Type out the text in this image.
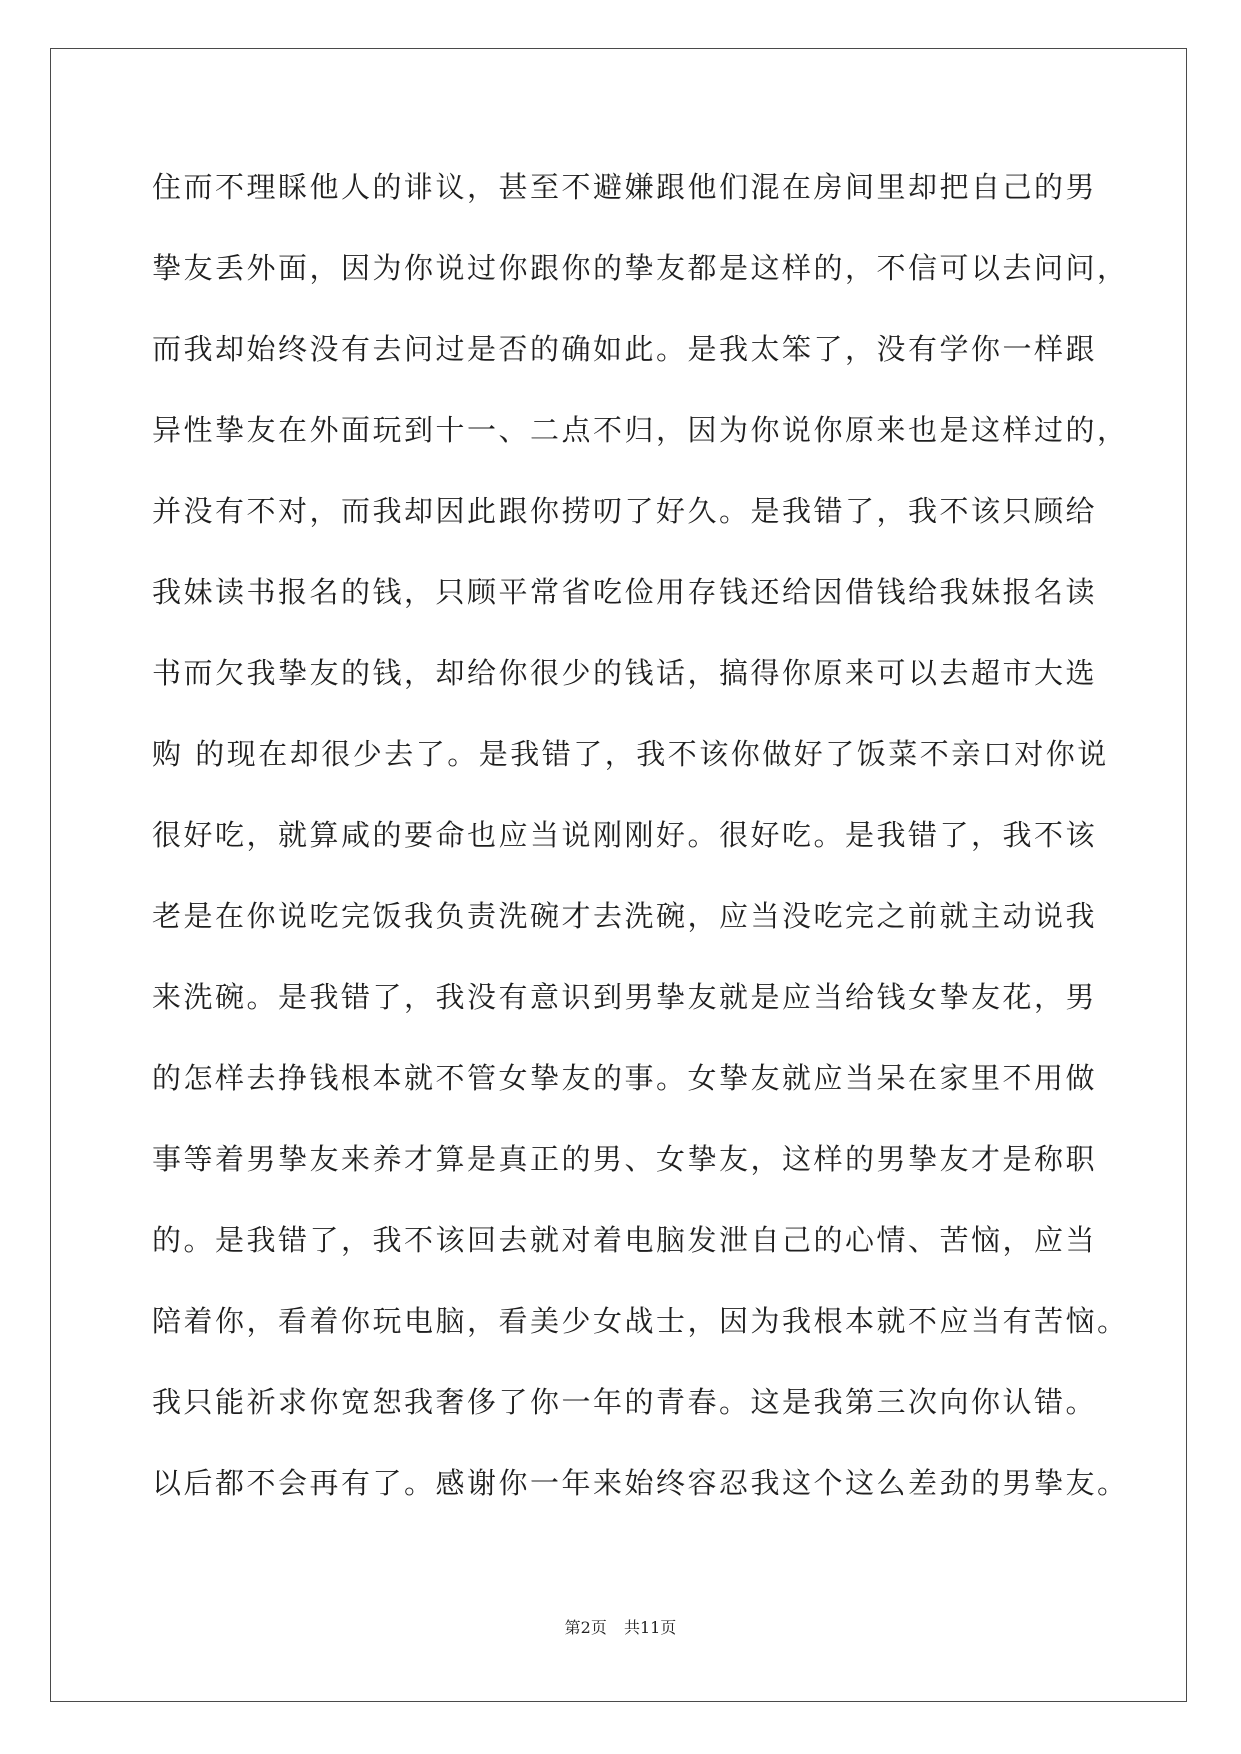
住而不理睬他人的诽议，甚至不避嫌跟他们混在房间里却把自己的男
挚友丢外面，因为你说过你跟你的挚友都是这样的，不信可以去问问，
而我却始终没有去问过是否的确如此。是我太笨了，没有学你一样跟
异性挚友在外面玩到十一、二点不归，因为你说你原来也是这样过的，
并没有不对，而我却因此跟你捞叨了好久。是我错了，我不该只顾给
我妹读书报名的钱，只顾平常省吃俭用存钱还给因借钱给我妹报名读
书而欠我挚友的钱，却给你很少的钱话，搞得你原来可以去超市大选
购 的现在却很少去了。是我错了，我不该你做好了饭菜不亲口对你说
很好吃，就算咸的要命也应当说刚刚好。很好吃。是我错了，我不该
老是在你说吃完饭我负责洗碗才去洗碗，应当没吃完之前就主动说我
来洗碗。是我错了，我没有意识到男挚友就是应当给钱女挚友花，男
的怎样去挣钱根本就不管女挚友的事。女挚友就应当呆在家里不用做
事等着男挚友来养才算是真正的男、女挚友，这样的男挚友才是称职
的。是我错了，我不该回去就对着电脑发泄自己的心情、苦恼，应当
陪着你，看着你玩电脑，看美少女战士，因为我根本就不应当有苦恼。
我只能祈求你宽恕我奢侈了你一年的青春。这是我第三次向你认错。
以后都不会再有了。感谢你一年来始终容忍我这个这么差劲的男挚友。
第2页 共11页
